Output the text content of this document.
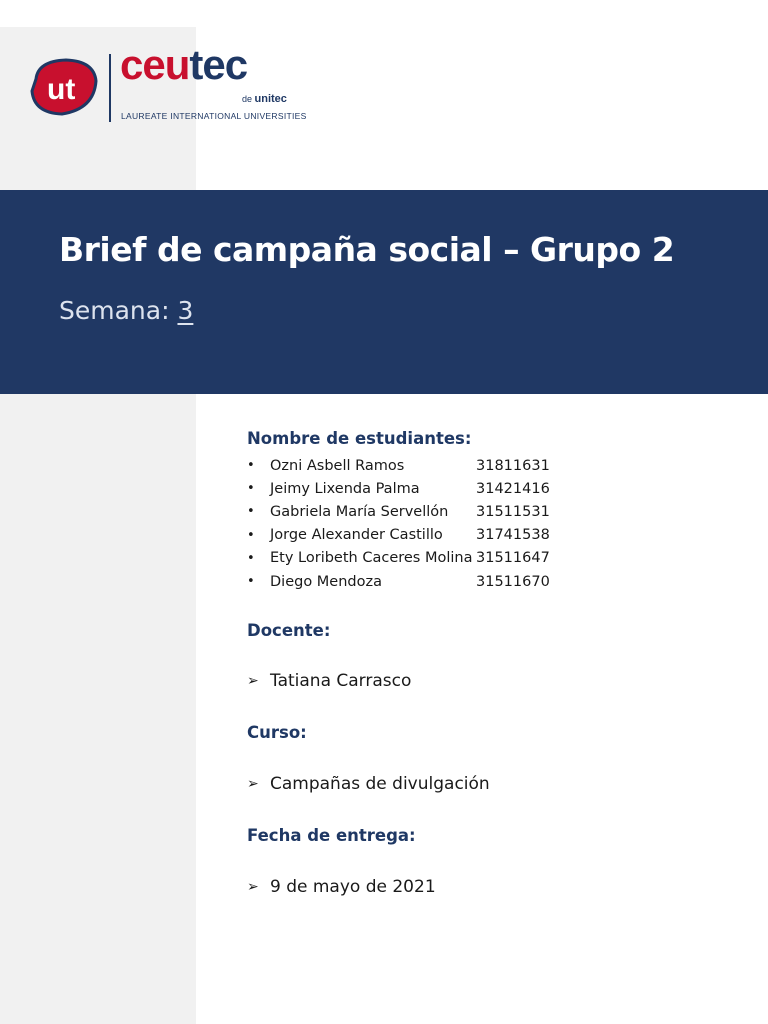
ut
ceutec
de unitec
LAUREATE INTERNATIONAL UNIVERSITIES
Brief de campaña social – Grupo 2
Semana: 3
Nombre de estudiantes:
•	Ozni Asbell Ramos	31811631
•	Jeimy Lixenda Palma	31421416
•	Gabriela María Servellón	31511531
•	Jorge Alexander Castillo	31741538
•	Ety Loribeth Caceres Molina 31511647
•	Diego Mendoza	31511670
Docente:
➢ Tatiana Carrasco
Curso:
➢ Campañas de divulgación
Fecha de entrega:
➢ 9 de mayo de 2021
